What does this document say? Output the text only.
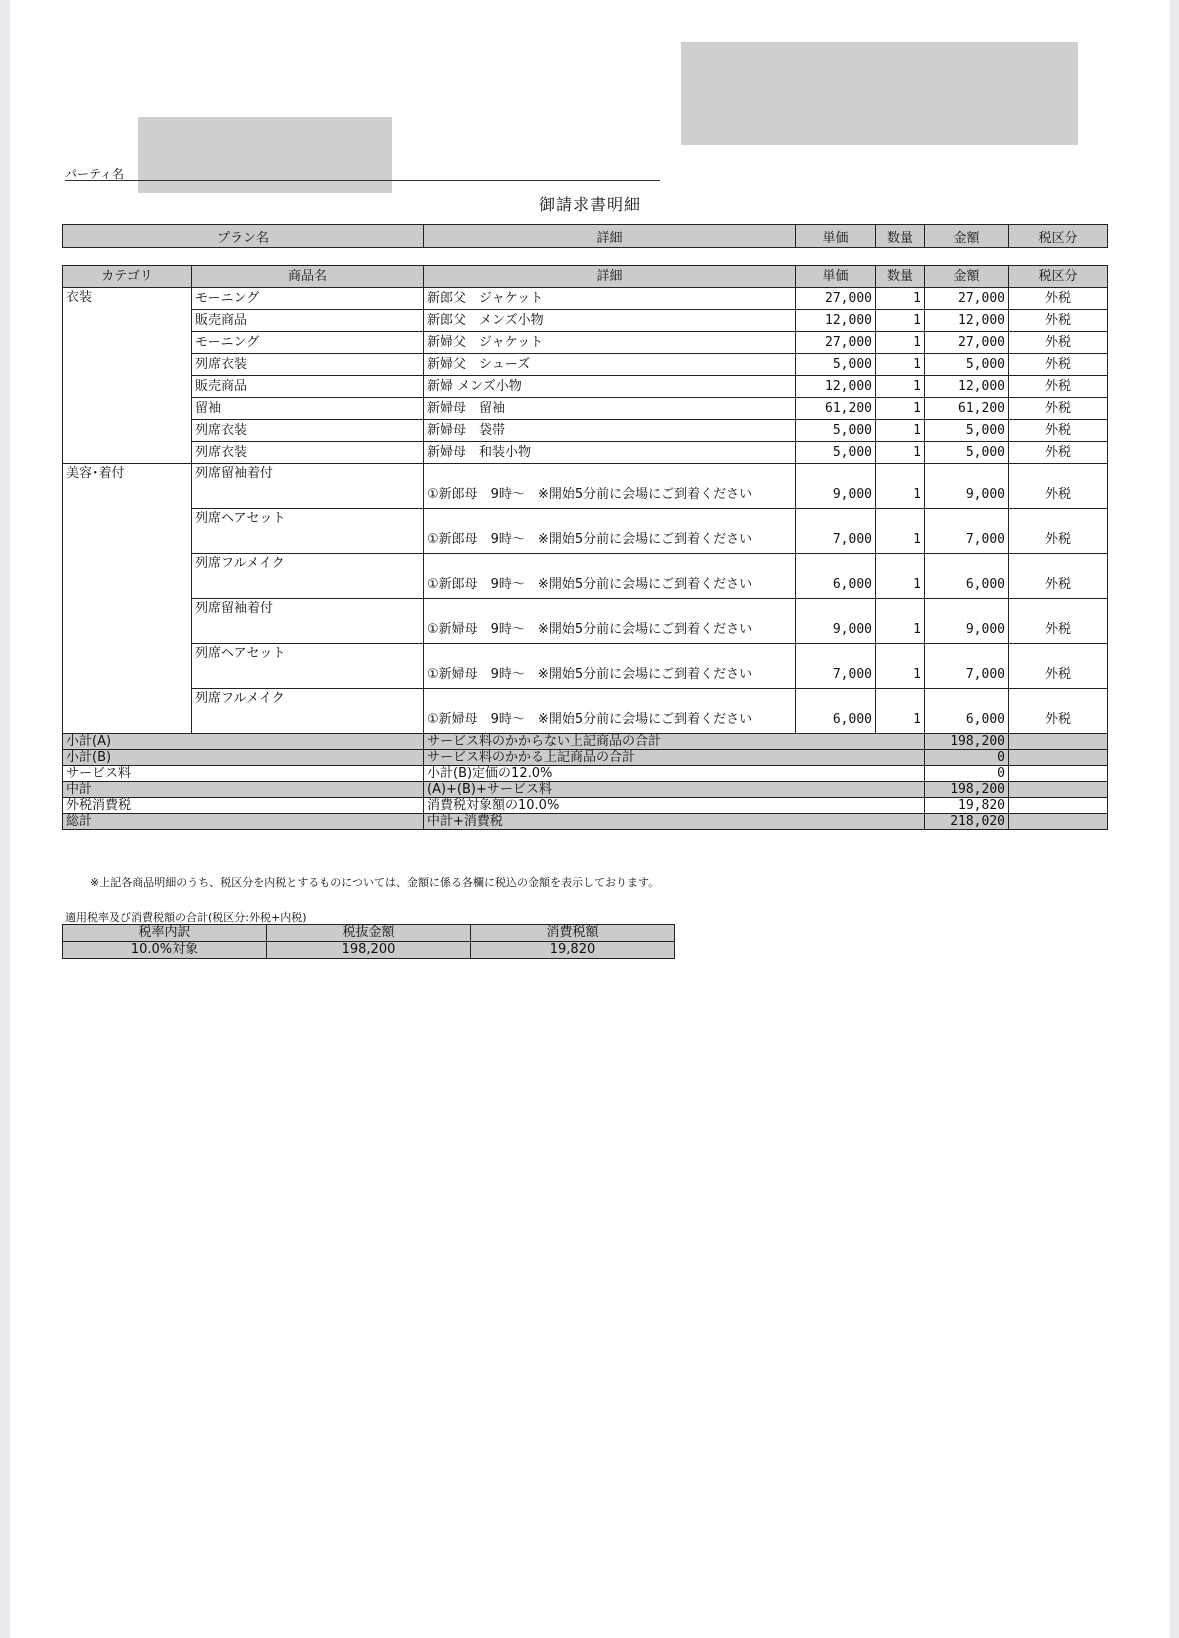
パーティ名
御請求書明細
プラン名	詳細	単価	数量	金額	税区分
カテゴリ	商品名	詳細	単価	数量	金額	税区分
衣装	モーニング	新郎父　ジャケット	27,000	1	27,000	外税
	販売商品	新郎父　メンズ小物	12,000	1	12,000	外税
	モーニング	新婦父　ジャケット	27,000	1	27,000	外税
	列席衣装	新婦父　シューズ	5,000	1	5,000	外税
	販売商品	新婦 メンズ小物	12,000	1	12,000	外税
	留袖	新婦母　留袖	61,200	1	61,200	外税
	列席衣装	新婦母　袋帯	5,000	1	5,000	外税
	列席衣装	新婦母　和装小物	5,000	1	5,000	外税
美容･着付	列席留袖着付	①新郎母　9時～　※開始5分前に会場にご到着ください	9,000	1	9,000	外税
	列席ヘアセット	①新郎母　9時～　※開始5分前に会場にご到着ください	7,000	1	7,000	外税
	列席フルメイク	①新郎母　9時～　※開始5分前に会場にご到着ください	6,000	1	6,000	外税
	列席留袖着付	①新婦母　9時～　※開始5分前に会場にご到着ください	9,000	1	9,000	外税
	列席ヘアセット	①新婦母　9時～　※開始5分前に会場にご到着ください	7,000	1	7,000	外税
	列席フルメイク	①新婦母　9時～　※開始5分前に会場にご到着ください	6,000	1	6,000	外税
小計(A)		サービス料のかからない上記商品の合計			198,200	
小計(B)		サービス料のかかる上記商品の合計			0	
サービス料		小計(B)定価の12.0%			0	
中計		(A)+(B)+サービス料			198,200	
外税消費税		消費税対象額の10.0%			19,820	
総計		中計+消費税			218,020	
※上記各商品明細のうち、税区分を内税とするものについては、金額に係る各欄に税込の金額を表示しております。
適用税率及び消費税額の合計(税区分:外税+内税)
税率内訳	税抜金額	消費税額
10.0%対象	198,200	19,820
